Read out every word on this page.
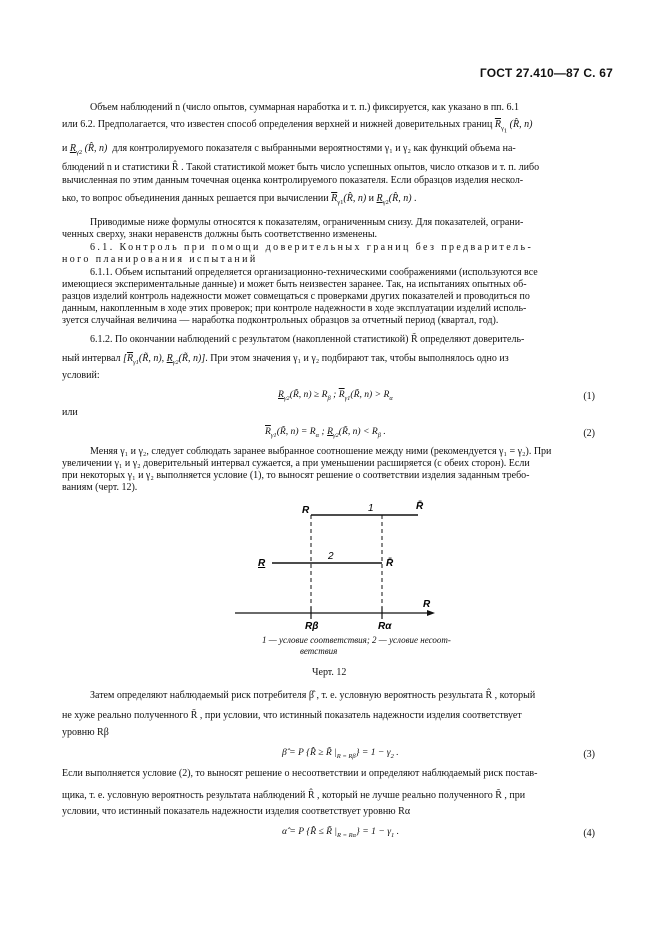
ГОСТ 27.410—87 С. 67
Объем наблюдений n (число опытов, суммарная наработка и т. п.) фиксируется, как указано в пп. 6.1
или 6.2. Предполагается, что известен способ определения верхней и нижней доверительных границ $\overline{R}_{\gamma_1}$ (R̂, n)
и $R_{\gamma 2}$ (R̂, n) для контролируемого показателя с выбранными вероятностями γ₁ и γ₂ как функций объема на-
блюдений n и статистики R̂ . Такой статистикой может быть число успешных опытов, число отказов и т. п. либо
вычисленная по этим данным точечная оценка контролируемого показателя. Если образцов изделия нескол-
ько, то вопрос объединения данных решается при вычислении $\overline{R}_{\gamma 1}(R̂$, n) и $R_{\gamma 2}(R̂$, n) .
Приводимые ниже формулы относятся к показателям, ограниченным снизу. Для показателей, ограни-
ченных сверху, знаки неравенств должны быть соответственно изменены.
6.1. Контроль при помощи доверительных границ без предваритель-
ного планирования испытаний
6.1.1. Объем испытаний определяется организационно-техническими соображениями (используются все
имеющиеся экспериментальные данные) и может быть неизвестен заранее. Так, на испытаниях опытных об-
разцов изделий контроль надежности может совмещаться с проверками других показателей и проводиться по
данным, накопленным в ходе этих проверок; при контроле надежности в ходе эксплуатации изделий исполь-
зуется случайная величина — наработка подконтрольных образцов за отчетный период (квартал, год).
6.1.2. По окончании наблюдений с результатом (накопленной статистикой) R̃ определяют доверитель-
ный интервал [$\overline{R}_{\gamma 1}(R̃$, n), $R_{\gamma 2}(R̃$, n)]. При этом значения γ₁ и γ₂ подбирают так, чтобы выполнялось одно из
условий:
$R_{\gamma 2}(R̃$, $n) \ge R_\beta$ ; $\overline{R}_{\gamma 1}(R̃$, $n) > R_\alpha$	(1)
или
$\overline{R}_{\gamma 1}(R̃$, $n) = R_\alpha$ ; $R_{\gamma 2}(R̃$, $n) < R_\beta$ .	(2)
Меняя γ₁ и γ₂, следует соблюдать заранее выбранное соотношение между ними (рекомендуется γ₁ = γ₂). При
увеличении γ₁ и γ₂ доверительный интервал сужается, а при уменьшении расширяется (с обеих сторон). Если
при некоторых γ₁ и γ₂ выполняется условие (1), то выносят решение о соответствии изделия заданным требо-
ваниям (черт. 12).
R	1	R̄
R
2
R̄
R
Rβ	Rα
1 — условие соответствия; 2 — условие несоот-
ветствия
Черт. 12
Затем определяют наблюдаемый риск потребителя β̂ , т. е. условную вероятность результата R̂ , который
не хуже реально полученного R̃ , при условии, что истинный показатель надежности изделия соответствует
уровню Rβ
β̂ = P {R̂ ≥ R̃ $|_{R = R\beta}\} = 1 - \gamma_2$ .	(3)
Если выполняется условие (2), то выносят решение о несоответствии и определяют наблюдаемый риск постав-
щика, т. е. условную вероятность результата наблюдений R̂ , который не лучше реально полученного R̃ , при
условии, что истинный показатель надежности изделия соответствует уровню Rα
α̂ = P {R̂ ≤ R̃ $|_{R = R\alpha}\} = 1 - \gamma_1$ .	(4)
